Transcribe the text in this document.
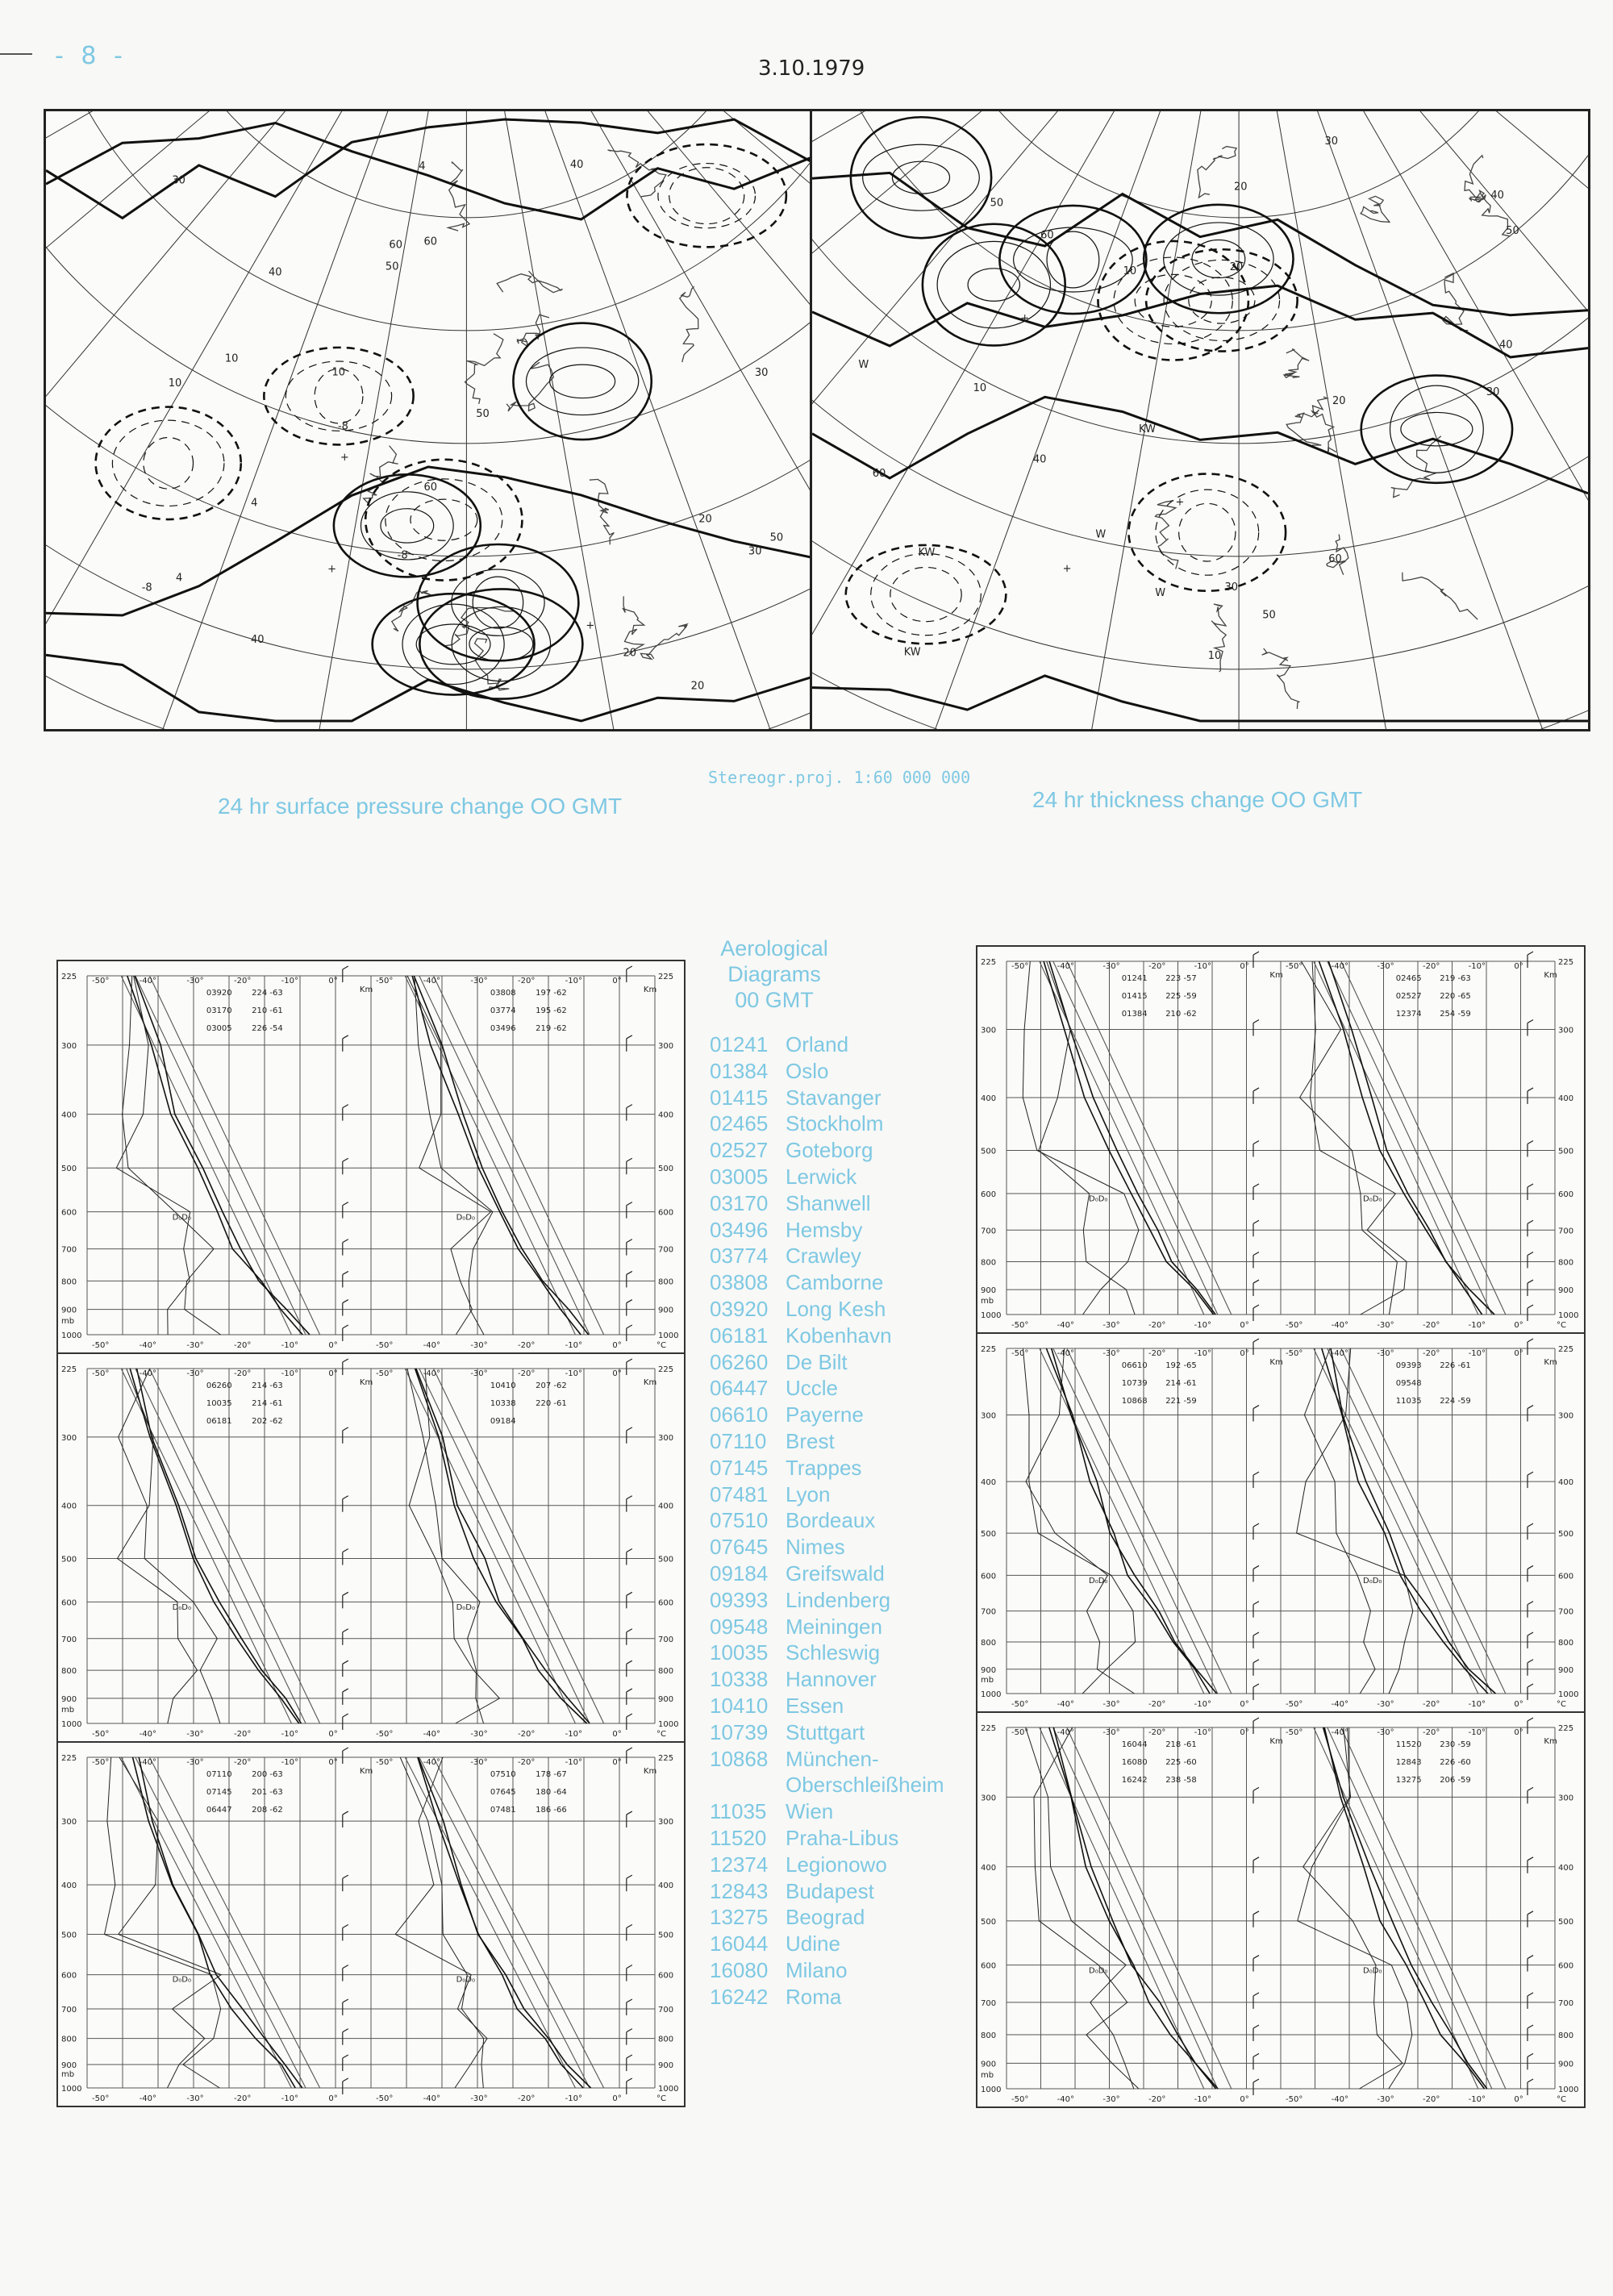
- 8 -	3.10.1979
-8
-8
-8
4
4
4
+
+
+
10
10
10
20
20
20
30
30
30
40
40
40
50
50
50
60
60
60
W
W
W
KW
KW
KW
+
+
+
10
10
10
20
20
20
30
30
30
40
40
40
50
50
50
60
60
60
Stereogr.proj. 1:60 000 000
24 hr surface pressure change OO GMT	24 hr thickness change OO GMT
225	225
300	300
400	400
500	500
600	600
700	700
800	800
900	900
1000	1000
-50°
-50°
-40°
-40°
-30°
-30°
-20°
-20°
-10°
-10°
0°
0°
03920 224 -63
03170 210 -61
03005 226 -54
Km
D₀D₀
-50°
-50°
-40°
-40°
-30°
-30°
-20°
-20°
-10°
-10°
0°
0°
03808 197 -62
03774 195 -62
03496 219 -62
Km
D₀D₀
mb
°C
225	225
300	300
400	400
500	500
600	600
700	700
800	800
900	900
1000	1000
-50°
-50°
-40°
-40°
-30°
-30°
-20°
-20°
-10°
-10°
0°
0°
06260 214 -63
10035 214 -61
06181 202 -62
Km
D₀D₀
-50°
-50°
-40°
-40°
-30°
-30°
-20°
-20°
-10°
-10°
0°
0°
10410 207 -62
10338 220 -61
09184
Km
D₀D₀
mb
°C
225	225
300	300
400	400
500	500
600	600
700	700
800	800
900	900
1000	1000
-50°
-50°
-40°
-40°
-30°
-30°
-20°
-20°
-10°
-10°
0°
0°
07110 200 -63
07145 201 -63
06447 208 -62
Km
D₀D₀
-50°
-50°
-40°
-40°
-30°
-30°
-20°
-20°
-10°
-10°
0°
0°
07510 178 -67
07645 180 -64
07481 186 -66
Km
D₀D₀
mb
°C
225	225
300	300
400	400
500	500
600	600
700	700
800	800
900	900
1000	1000
-50°
-50°
-40°
-40°
-30°
-30°
-20°
-20°
-10°
-10°
0°
0°
01241 223 -57
01415 225 -59
01384 210 -62
Km
D₀D₀
-50°
-50°
-40°
-40°
-30°
-30°
-20°
-20°
-10°
-10°
0°
0°
02465 219 -63
02527 220 -65
12374 254 -59
Km
D₀D₀
mb
°C
225	225
300	300
400	400
500	500
600	600
700	700
800	800
900	900
1000	1000
-50°
-50°
-40°
-40°
-30°
-30°
-20°
-20°
-10°
-10°
0°
0°
06610 192 -65
10739 214 -61
10868 221 -59
Km
D₀D₀
-50°
-50°
-40°
-40°
-30°
-30°
-20°
-20°
-10°
-10°
0°
0°
09393 226 -61
09548
11035 224 -59
Km
D₀D₀
mb
°C
225	225
300	300
400	400
500	500
600	600
700	700
800	800
900	900
1000	1000
-50°
-50°
-40°
-40°
-30°
-30°
-20°
-20°
-10°
-10°
0°
0°
16044 218 -61
16080 225 -60
16242 238 -58
Km
D₀D₀
-50°
-50°
-40°
-40°
-30°
-30°
-20°
-20°
-10°
-10°
0°
0°
11520 230 -59
12843 226 -60
13275 206 -59
Km
D₀D₀
mb
°C
Aerological
Diagrams
00 GMT
01241 Orland
01384 Oslo
01415 Stavanger
02465 Stockholm
02527 Goteborg
03005 Lerwick
03170 Shanwell
03496 Hemsby
03774 Crawley
03808 Camborne
03920 Long Kesh
06181 Kobenhavn
06260 De Bilt
06447 Uccle
06610 Payerne
07110 Brest
07145 Trappes
07481 Lyon
07510 Bordeaux
07645 Nimes
09184 Greifswald
09393 Lindenberg
09548 Meiningen
10035 Schleswig
10338 Hannover
10410 Essen
10739 Stuttgart
10868 München-
Oberschleißheim
11035 Wien
11520 Praha-Libus
12374 Legionowo
12843 Budapest
13275 Beograd
16044 Udine
16080 Milano
16242 Roma
